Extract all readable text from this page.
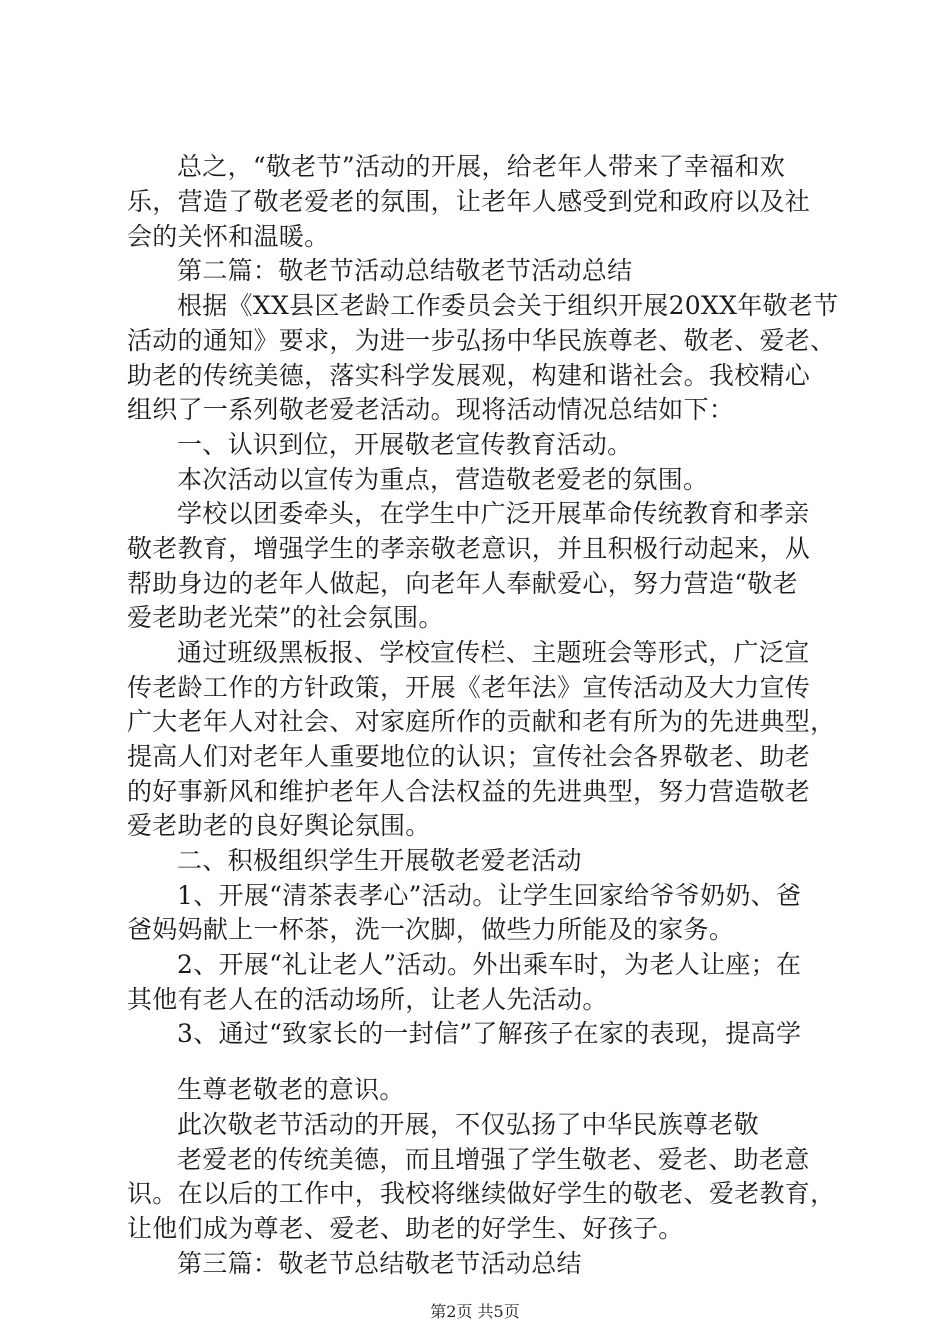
总之，“敬老节”活动的开展，给老年人带来了幸福和欢
乐，营造了敬老爱老的氛围，让老年人感受到党和政府以及社
会的关怀和温暖。
第二篇：敬老节活动总结敬老节活动总结
根据《XX县区老龄工作委员会关于组织开展20XX年敬老节
活动的通知》要求，为进一步弘扬中华民族尊老、敬老、爱老、
助老的传统美德，落实科学发展观，构建和谐社会。我校精心
组织了一系列敬老爱老活动。现将活动情况总结如下：
一、认识到位，开展敬老宣传教育活动。
本次活动以宣传为重点，营造敬老爱老的氛围。
学校以团委牵头，在学生中广泛开展革命传统教育和孝亲
敬老教育，增强学生的孝亲敬老意识，并且积极行动起来，从
帮助身边的老年人做起，向老年人奉献爱心，努力营造“敬老
爱老助老光荣”的社会氛围。
通过班级黑板报、学校宣传栏、主题班会等形式，广泛宣
传老龄工作的方针政策，开展《老年法》宣传活动及大力宣传
广大老年人对社会、对家庭所作的贡献和老有所为的先进典型，
提高人们对老年人重要地位的认识；宣传社会各界敬老、助老
的好事新风和维护老年人合法权益的先进典型，努力营造敬老
爱老助老的良好舆论氛围。
二、积极组织学生开展敬老爱老活动
1、开展“清茶表孝心”活动。让学生回家给爷爷奶奶、爸
爸妈妈献上一杯茶，洗一次脚，做些力所能及的家务。
2、开展“礼让老人”活动。外出乘车时，为老人让座；在
其他有老人在的活动场所，让老人先活动。
3、通过“致家长的一封信”了解孩子在家的表现，提高学
生尊老敬老的意识。
此次敬老节活动的开展，不仅弘扬了中华民族尊老敬
老爱老的传统美德，而且增强了学生敬老、爱老、助老意
识。在以后的工作中，我校将继续做好学生的敬老、爱老教育，
让他们成为尊老、爱老、助老的好学生、好孩子。
第三篇：敬老节总结敬老节活动总结
第2页 共5页
